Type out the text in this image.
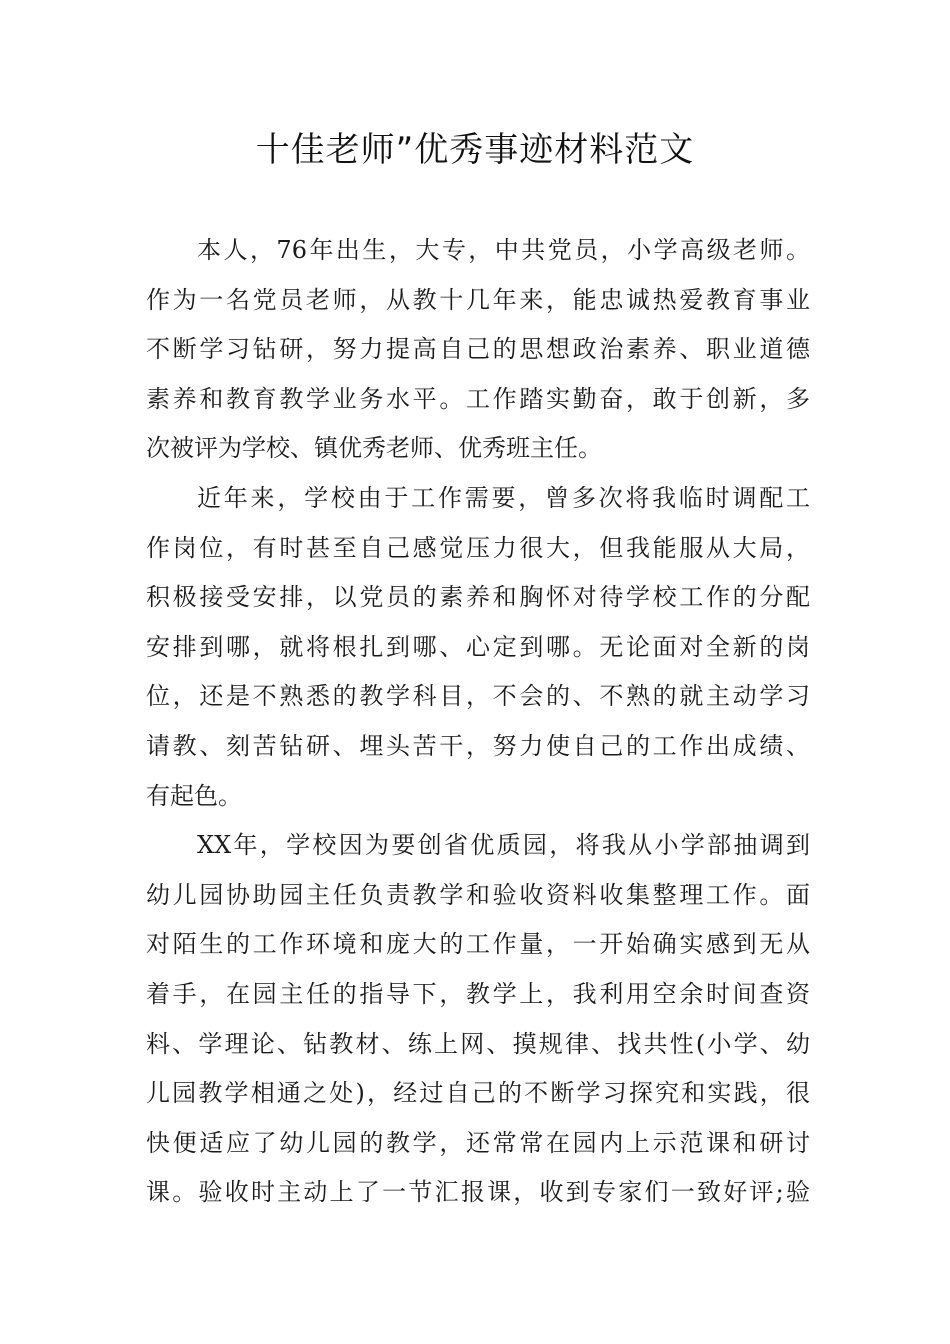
十佳老师”优秀事迹材料范文
本人，76年出生，大专，中共党员，小学高级老师。
作为一名党员老师，从教十几年来，能忠诚热爱教育事业
不断学习钻研，努力提高自己的思想政治素养、职业道德
素养和教育教学业务水平。工作踏实勤奋，敢于创新，多
次被评为学校、镇优秀老师、优秀班主任。
近年来，学校由于工作需要，曾多次将我临时调配工
作岗位，有时甚至自己感觉压力很大，但我能服从大局，
积极接受安排，以党员的素养和胸怀对待学校工作的分配
安排到哪，就将根扎到哪、心定到哪。无论面对全新的岗
位，还是不熟悉的教学科目，不会的、不熟的就主动学习
请教、刻苦钻研、埋头苦干，努力使自己的工作出成绩、
有起色。
XX年，学校因为要创省优质园，将我从小学部抽调到
幼儿园协助园主任负责教学和验收资料收集整理工作。面
对陌生的工作环境和庞大的工作量，一开始确实感到无从
着手，在园主任的指导下，教学上，我利用空余时间查资
料、学理论、钻教材、练上网、摸规律、找共性(小学、幼
儿园教学相通之处)，经过自己的不断学习探究和实践，很
快便适应了幼儿园的教学，还常常在园内上示范课和研讨
课。验收时主动上了一节汇报课，收到专家们一致好评;验
